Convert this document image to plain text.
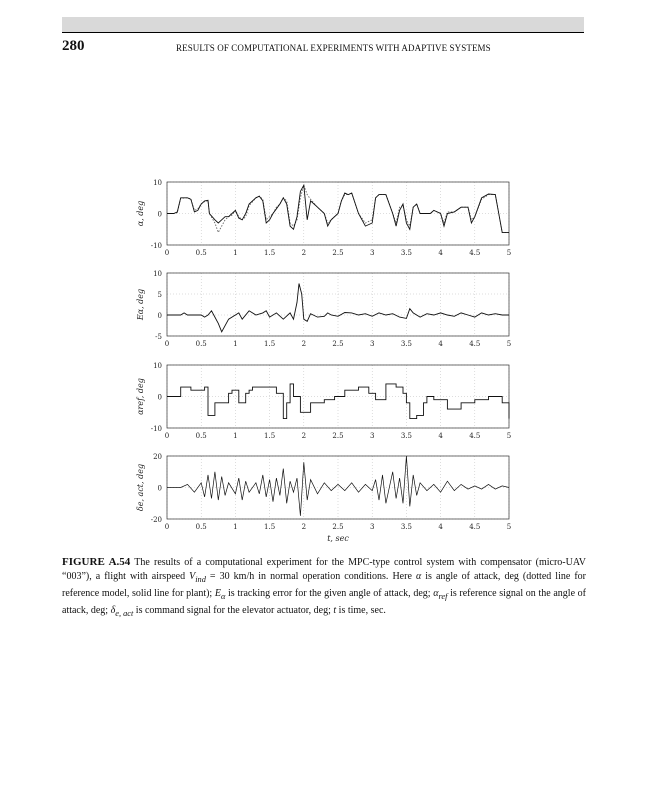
280	RESULTS OF COMPUTATIONAL EXPERIMENTS WITH ADAPTIVE SYSTEMS
10
0
-10
0	0.5	1	1.5	2	2.5	3	3.5	4	4.5	5
α, deg
10
5
0
-5
0	0.5	1	1.5	2	2.5	3	3.5	4	4.5	5
Eα, deg
10
0
-10
0	0.5	1	1.5	2	2.5	3	3.5	4	4.5	5
αref, deg
20
0
-20
0	0.5	1	1.5	2	2.5	3	3.5	4	4.5	5
δe, act, deg
t, sec
FIGURE A.54 The results of a computational experiment for the MPC-type control system with compensator (micro-UAV “003”), a flight with airspeed $V_{ind} = 30$ km/h in normal operation conditions. Here α is angle of attack, deg (dotted line for reference model, solid line for plant); $E_\alpha$ is tracking error for the given angle of attack, deg; $\alpha_{ref}$ is reference signal on the angle of attack, deg; $\delta_{e, act}$ is command signal for the elevator actuator, deg; t is time, sec.
